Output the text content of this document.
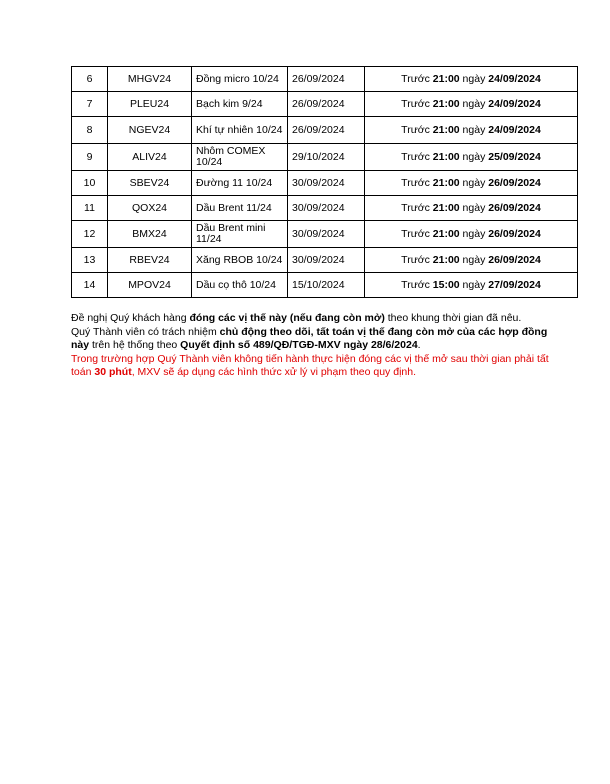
6	MHGV24	Đồng micro 10/24	26/09/2024	Trước 21:00 ngày 24/09/2024
7	PLEU24	Bạch kim 9/24	26/09/2024	Trước 21:00 ngày 24/09/2024
8	NGEV24	Khí tự nhiên 10/24	26/09/2024	Trước 21:00 ngày 24/09/2024
9	ALIV24	Nhôm COMEX 10/24	29/10/2024	Trước 21:00 ngày 25/09/2024
10	SBEV24	Đường 11 10/24	30/09/2024	Trước 21:00 ngày 26/09/2024
11	QOX24	Dầu Brent 11/24	30/09/2024	Trước 21:00 ngày 26/09/2024
12	BMX24	Dầu Brent mini 11/24	30/09/2024	Trước 21:00 ngày 26/09/2024
13	RBEV24	Xăng RBOB 10/24	30/09/2024	Trước 21:00 ngày 26/09/2024
14	MPOV24	Dầu cọ thô 10/24	15/10/2024	Trước 15:00 ngày 27/09/2024

Đề nghị Quý khách hàng đóng các vị thế này (nếu đang còn mở) theo khung thời gian đã nêu.

Quý Thành viên có trách nhiệm chủ động theo dõi, tất toán vị thế đang còn mở của các hợp đồng này trên hệ thống theo Quyết định số 489/QĐ/TGĐ-MXV ngày 28/6/2024.

Trong trường hợp Quý Thành viên không tiến hành thực hiện đóng các vị thế mở sau thời gian phải tất toán 30 phút, MXV sẽ áp dụng các hình thức xử lý vi phạm theo quy định.
